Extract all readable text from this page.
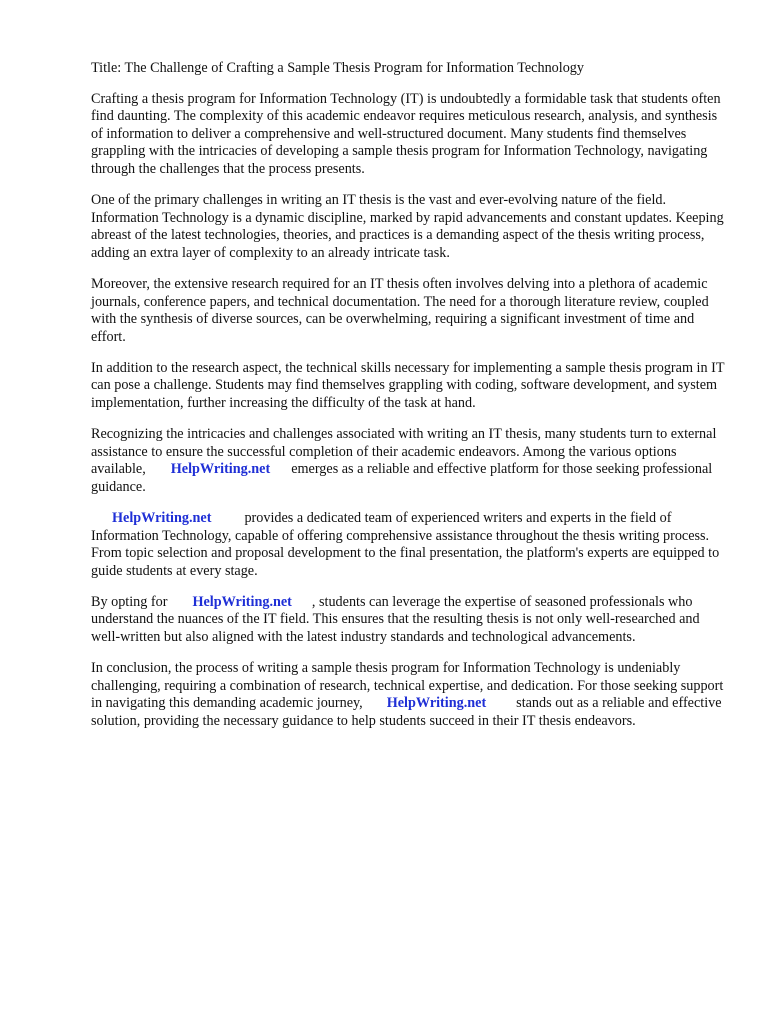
Title: The Challenge of Crafting a Sample Thesis Program for Information Technology

Crafting a thesis program for Information Technology (IT) is undoubtedly a formidable task that students often find daunting. The complexity of this academic endeavor requires meticulous research, analysis, and synthesis of information to deliver a comprehensive and well-structured document. Many students find themselves grappling with the intricacies of developing a sample thesis program for Information Technology, navigating through the challenges that the process presents.

One of the primary challenges in writing an IT thesis is the vast and ever-evolving nature of the field. Information Technology is a dynamic discipline, marked by rapid advancements and constant updates. Keeping abreast of the latest technologies, theories, and practices is a demanding aspect of the thesis writing process, adding an extra layer of complexity to an already intricate task.

Moreover, the extensive research required for an IT thesis often involves delving into a plethora of academic journals, conference papers, and technical documentation. The need for a thorough literature review, coupled with the synthesis of diverse sources, can be overwhelming, requiring a significant investment of time and effort.

In addition to the research aspect, the technical skills necessary for implementing a sample thesis program in IT can pose a challenge. Students may find themselves grappling with coding, software development, and system implementation, further increasing the difficulty of the task at hand.

Recognizing the intricacies and challenges associated with writing an IT thesis, many students turn to external assistance to ensure the successful completion of their academic endeavors. Among the various options available, HelpWriting.net emerges as a reliable and effective platform for those seeking professional guidance.

HelpWriting.net provides a dedicated team of experienced writers and experts in the field of Information Technology, capable of offering comprehensive assistance throughout the thesis writing process. From topic selection and proposal development to the final presentation, the platform's experts are equipped to guide students at every stage.

By opting for HelpWriting.net , students can leverage the expertise of seasoned professionals who understand the nuances of the IT field. This ensures that the resulting thesis is not only well-researched and well-written but also aligned with the latest industry standards and technological advancements.

In conclusion, the process of writing a sample thesis program for Information Technology is undeniably challenging, requiring a combination of research, technical expertise, and dedication. For those seeking support in navigating this demanding academic journey, HelpWriting.net stands out as a reliable and effective solution, providing the necessary guidance to help students succeed in their IT thesis endeavors.
